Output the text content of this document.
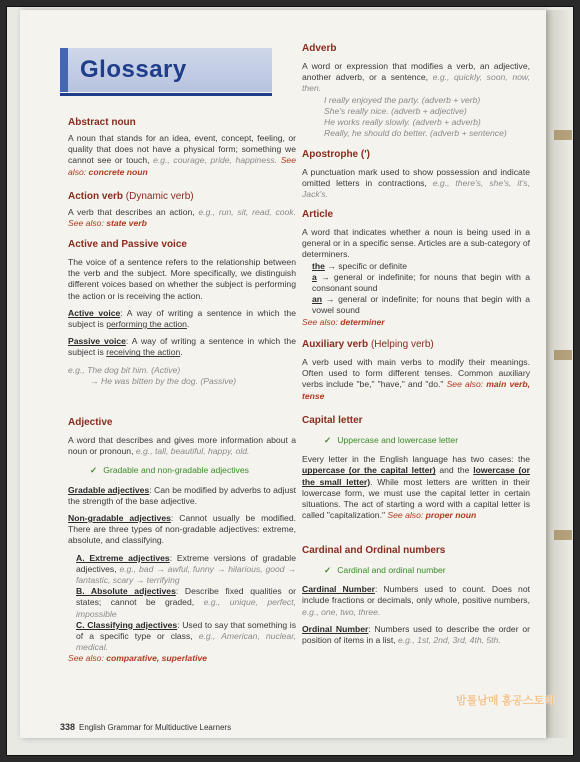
Glossary

Abstract noun

A noun that stands for an idea, event, concept, feeling, or quality that does not have a physical form; something we cannot see or touch, e.g., courage, pride, happiness. See also: concrete noun

Action verb (Dynamic verb)

A verb that describes an action, e.g., run, sit, read, cook. See also: state verb

Active and Passive voice

The voice of a sentence refers to the relationship between the verb and the subject. More specifically, we distinguish different voices based on whether the subject is performing the action or is receiving the action.

Active voice: A way of writing a sentence in which the subject is performing the action.

Passive voice: A way of writing a sentence in which the subject is receiving the action.

e.g., The dog bit him. (Active)

→ He was bitten by the dog. (Passive)

Adjective

A word that describes and gives more information about a noun or pronoun, e.g., tall, beautiful, happy, old.

✓ Gradable and non-gradable adjectives

Gradable adjectives: Can be modified by adverbs to adjust the strength of the base adjective.

Non-gradable adjectives: Cannot usually be modified. There are three types of non-gradable adjectives: extreme, absolute, and classifying.

A. Extreme adjectives: Extreme versions of gradable adjectives, e.g., bad → awful, funny → hilarious, good → fantastic, scary → terrifying

B. Absolute adjectives: Describe fixed qualities or states; cannot be graded, e.g., unique, perfect, impossible

C. Classifying adjectives: Used to say that something is of a specific type or class, e.g., American, nuclear, medical.

See also: comparative, superlative

Adverb

A word or expression that modifies a verb, an adjective, another adverb, or a sentence, e.g., quickly, soon, now, then.

I really enjoyed the party. (adverb + verb)

She's really nice. (adverb + adjective)

He works really slowly. (adverb + adverb)

Really, he should do better. (adverb + sentence)

Apostrophe (')

A punctuation mark used to show possession and indicate omitted letters in contractions, e.g., there's, she's, it's, Jack's.

Article

A word that indicates whether a noun is being used in a general or in a specific sense. Articles are a sub-category of determiners.

the → specific or definite

a → general or indefinite; for nouns that begin with a consonant sound

an → general or indefinite; for nouns that begin with a vowel sound

See also: determiner

Auxiliary verb (Helping verb)

A verb used with main verbs to modify their meanings. Often used to form different tenses. Common auxiliary verbs include "be," "have," and "do." See also: main verb, tense

Capital letter

✓ Uppercase and lowercase letter

Every letter in the English language has two cases: the uppercase (or the capital letter) and the lowercase (or the small letter). While most letters are written in their lowercase form, we must use the capital letter in certain situations. The act of starting a word with a capital letter is called "capitalization." See also: proper noun

Cardinal and Ordinal numbers

✓ Cardinal and ordinal number

Cardinal Number: Numbers used to count. Does not include fractions or decimals, only whole, positive numbers, e.g., one, two, three.

Ordinal Number: Numbers used to describe the order or position of items in a list, e.g., 1st, 2nd, 3rd, 4th, 5th.

338 English Grammar for Multiductive Learners
밤톨남매 홈공스토리
